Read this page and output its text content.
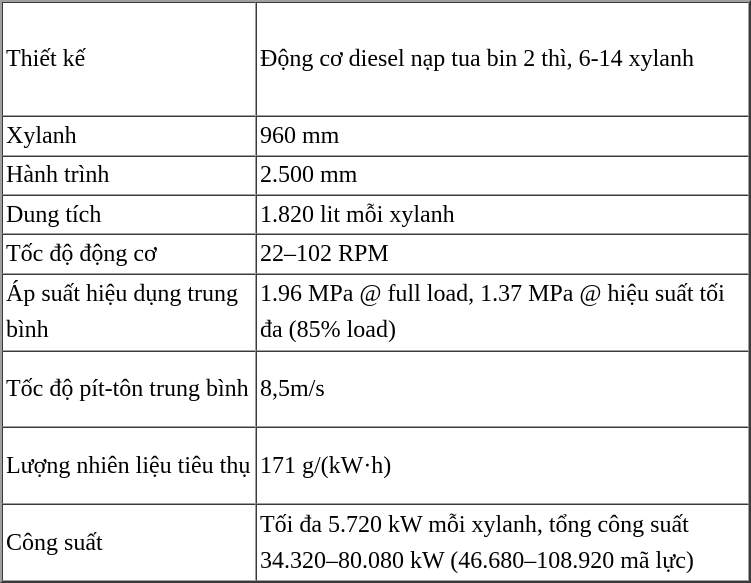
Thiết kế	Động cơ diesel nạp tua bin 2 thì, 6-14 xylanh
Xylanh	960 mm
Hành trình	2.500 mm
Dung tích	1.820 lit mỗi xylanh
Tốc độ động cơ	22–102 RPM
Áp suất hiệu dụng trung bình	1.96 MPa @ full load, 1.37 MPa @ hiệu suất tối đa (85% load)
Tốc độ pít-tôn trung bình	8,5m/s
Lượng nhiên liệu tiêu thụ	171 g/(kW·h)
Công suất	Tối đa 5.720 kW mỗi xylanh, tổng công suất 34.320–80.080 kW (46.680–108.920 mã lực)
